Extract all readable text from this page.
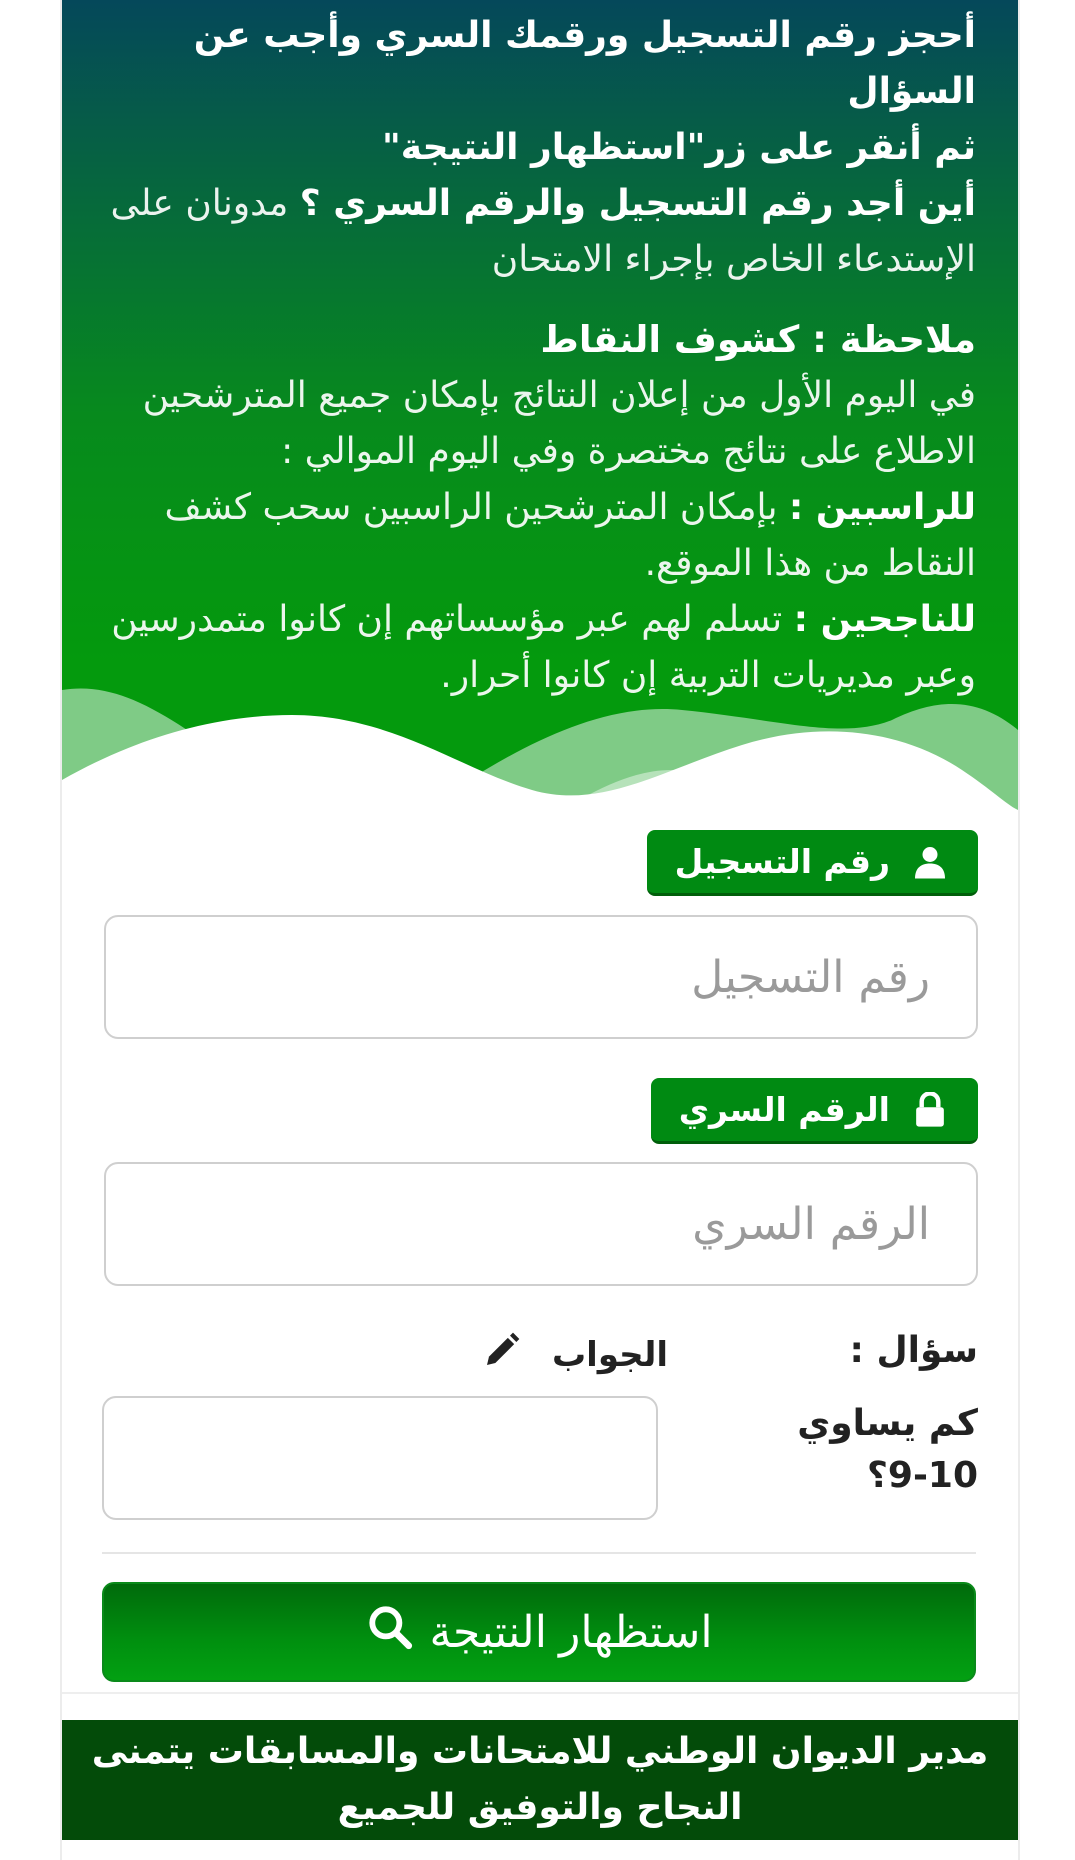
أحجز رقم التسجيل ورقمك السري وأجب عن السؤال

ثم أنقر على زر"استظهار النتيجة"

أين أجد رقم التسجيل والرقم السري ؟ مدونان على الإستدعاء الخاص بإجراء الامتحان

ملاحظة : كشوف النقاط

في اليوم الأول من إعلان النتائج بإمكان جميع المترشحين الاطلاع على نتائج مختصرة وفي اليوم الموالي :

للراسبين : بإمكان المترشحين الراسبين سحب كشف النقاط من هذا الموقع.

للناجحين : تسلم لهم عبر مؤسساتهم إن كانوا متمدرسين وعبر مديريات التربية إن كانوا أحرار.

رقم التسجيل
رقم التسجيل
الرقم السري
سؤال :
كم يساوي 10-9؟
الجواب
استظهار النتيجة
مدير الديوان الوطني للامتحانات والمسابقات يتمنى النجاح والتوفيق للجميع
